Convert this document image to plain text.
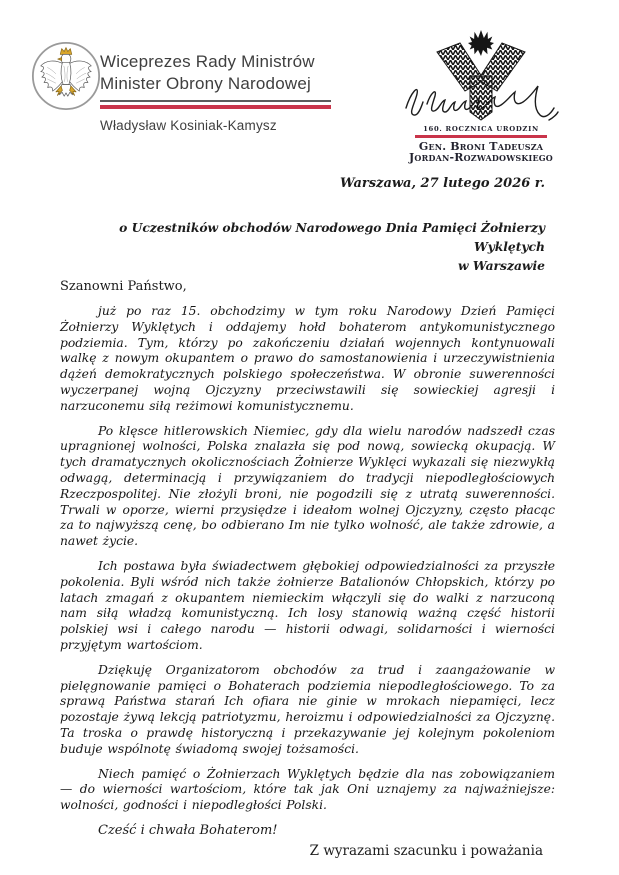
Wiceprezes Rady Ministrów
Minister Obrony Narodowej
Władysław Kosiniak-Kamysz	160. ROCZNICA URODZIN
Gen. Broni Tadeusza
Jordan-Rozwadowskiego
Warszawa, 27 lutego 2026 r.
o Uczestników obchodów Narodowego Dnia Pamięci Żołnierzy Wyklętych
w Warszawie
Szanowni Państwo,

już po raz 15. obchodzimy w tym roku Narodowy Dzień Pamięci Żołnierzy Wyklętych i oddajemy hołd bohaterom antykomunistycznego podziemia. Tym, którzy po zakończeniu działań wojennych kontynuowali walkę z nowym okupantem o prawo do samostanowienia i urzeczywistnienia dążeń demokratycznych polskiego społeczeństwa. W obronie suwerenności wyczerpanej wojną Ojczyzny przeciwstawili się sowieckiej agresji i narzuconemu siłą reżimowi komunistycznemu.

Po klęsce hitlerowskich Niemiec, gdy dla wielu narodów nadszedł czas upragnionej wolności, Polska znalazła się pod nową, sowiecką okupacją. W tych dramatycznych okolicznościach Żołnierze Wyklęci wykazali się niezwykłą odwagą, determinacją i przywiązaniem do tradycji niepodległościowych Rzeczpospolitej. Nie złożyli broni, nie pogodzili się z utratą suwerenności. Trwali w oporze, wierni przysiędze i ideałom wolnej Ojczyzny, często płacąc za to najwyższą cenę, bo odbierano Im nie tylko wolność, ale także zdrowie, a nawet życie.

Ich postawa była świadectwem głębokiej odpowiedzialności za przyszłe pokolenia. Byli wśród nich także żołnierze Batalionów Chłopskich, którzy po latach zmagań z okupantem niemieckim włączyli się do walki z narzuconą nam siłą władzą komunistyczną. Ich losy stanowią ważną część historii polskiej wsi i całego narodu — historii odwagi, solidarności i wierności przyjętym wartościom.

Dziękuję Organizatorom obchodów za trud i zaangażowanie w pielęgnowanie pamięci o Bohaterach podziemia niepodległościowego. To za sprawą Państwa starań Ich ofiara nie ginie w mrokach niepamięci, lecz pozostaje żywą lekcją patriotyzmu, heroizmu i odpowiedzialności za Ojczyznę. Ta troska o prawdę historyczną i przekazywanie jej kolejnym pokoleniom buduje wspólnotę świadomą swojej tożsamości.

Niech pamięć o Żołnierzach Wyklętych będzie dla nas zobowiązaniem — do wierności wartościom, które tak jak Oni uznajemy za najważniejsze: wolności, godności i niepodległości Polski.

Cześć i chwała Bohaterom!
Z wyrazami szacunku i poważania
